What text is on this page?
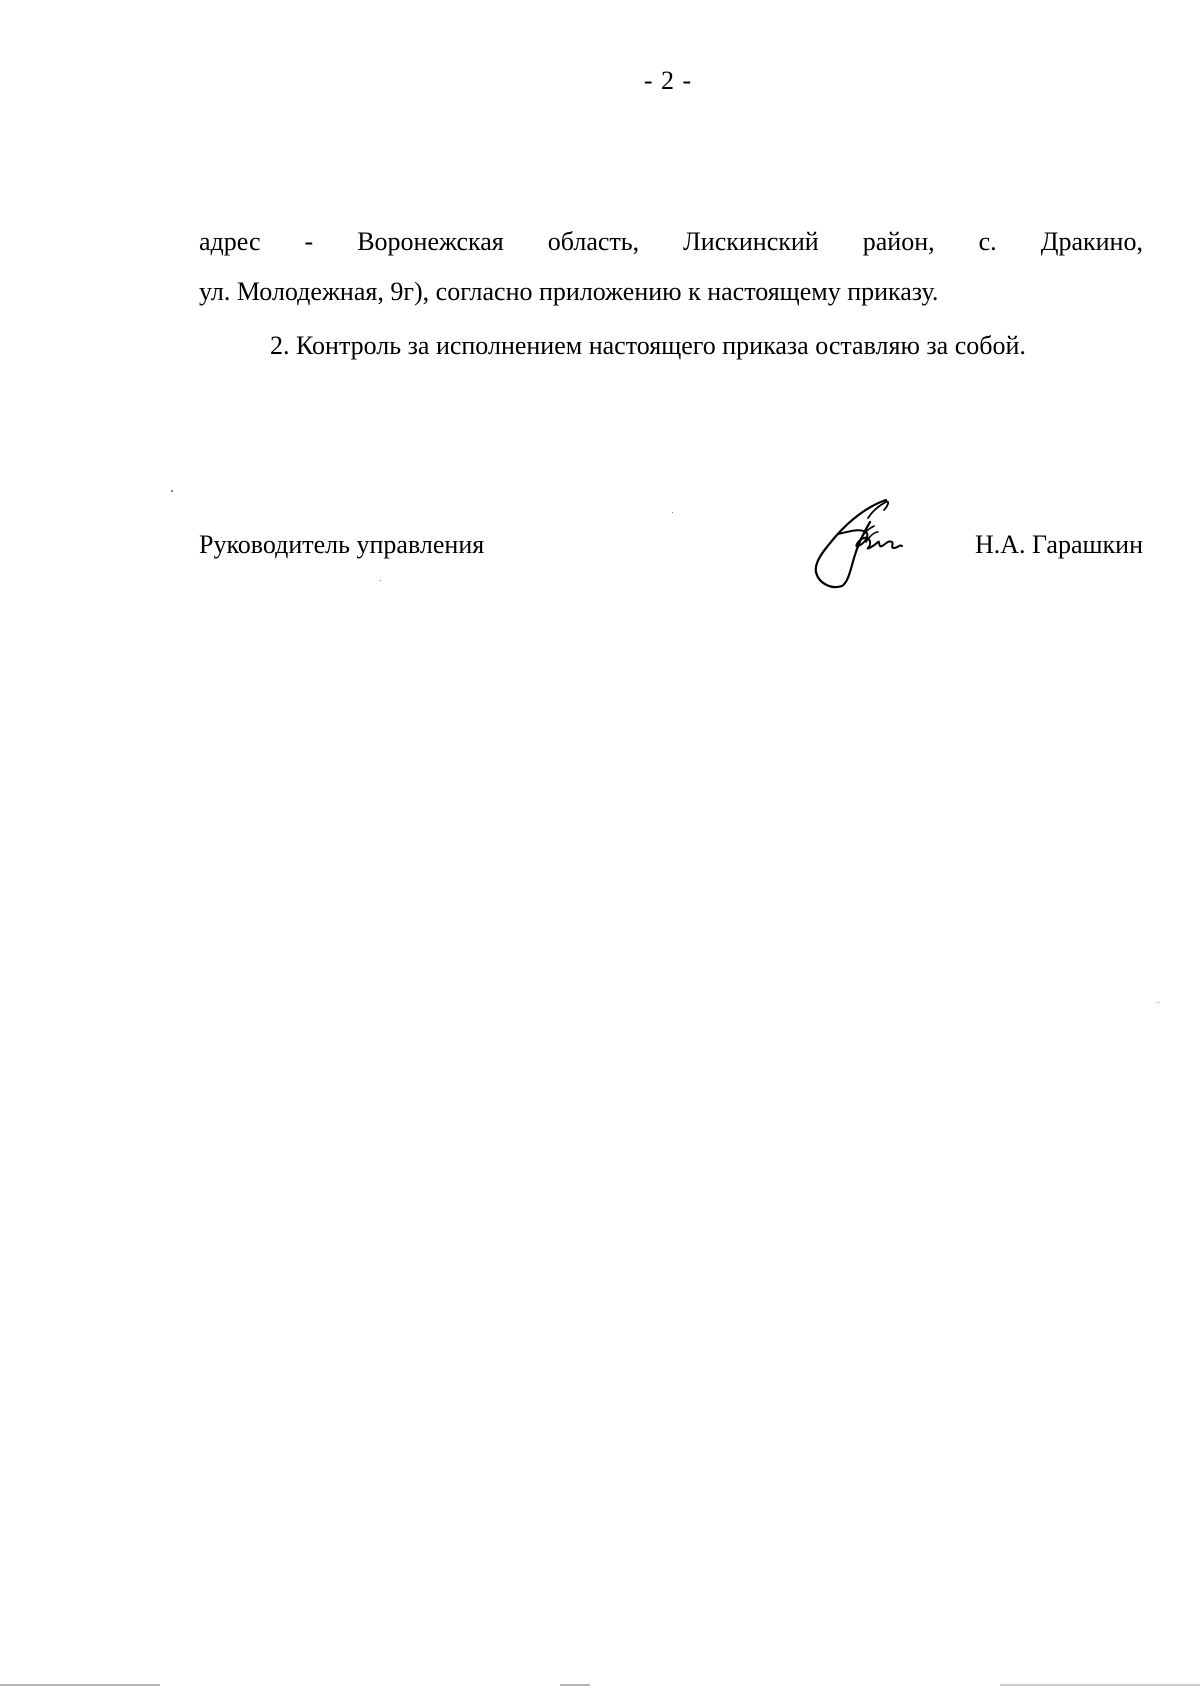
- 2 -
адрес - Воронежская область, Лискинский район, с. Дракино,
ул. Молодежная, 9г), согласно приложению к настоящему приказу.
2. Контроль за исполнением настоящего приказа оставляю за собой.
Руководитель управления	Н.А. Гарашкин
